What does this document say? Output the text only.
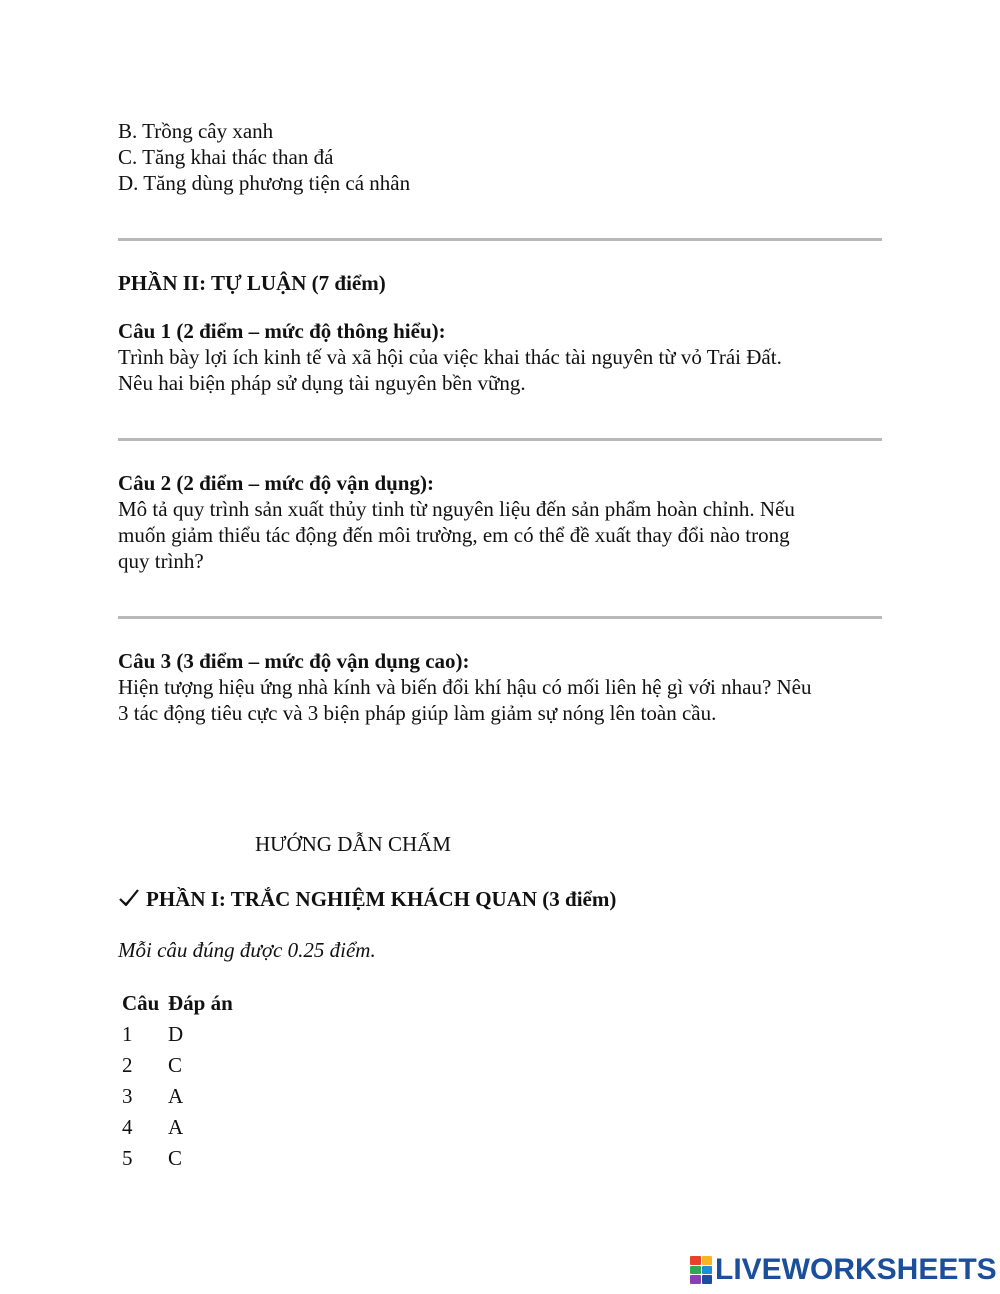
B. Trồng cây xanh
C. Tăng khai thác than đá
D. Tăng dùng phương tiện cá nhân
PHẦN II: TỰ LUẬN (7 điểm)
Câu 1 (2 điểm – mức độ thông hiểu):
Trình bày lợi ích kinh tế và xã hội của việc khai thác tài nguyên từ vỏ Trái Đất.
Nêu hai biện pháp sử dụng tài nguyên bền vững.
Câu 2 (2 điểm – mức độ vận dụng):
Mô tả quy trình sản xuất thủy tinh từ nguyên liệu đến sản phẩm hoàn chỉnh. Nếu
muốn giảm thiểu tác động đến môi trường, em có thể đề xuất thay đổi nào trong
quy trình?
Câu 3 (3 điểm – mức độ vận dụng cao):
Hiện tượng hiệu ứng nhà kính và biến đổi khí hậu có mối liên hệ gì với nhau? Nêu
3 tác động tiêu cực và 3 biện pháp giúp làm giảm sự nóng lên toàn cầu.
HƯỚNG DẪN CHẤM
PHẦN I: TRẮC NGHIỆM KHÁCH QUAN (3 điểm)
Mỗi câu đúng được 0.25 điểm.
Câu Đáp án
1 D
2 C
3 A
4 A
5 C
LIVEWORKSHEETS
